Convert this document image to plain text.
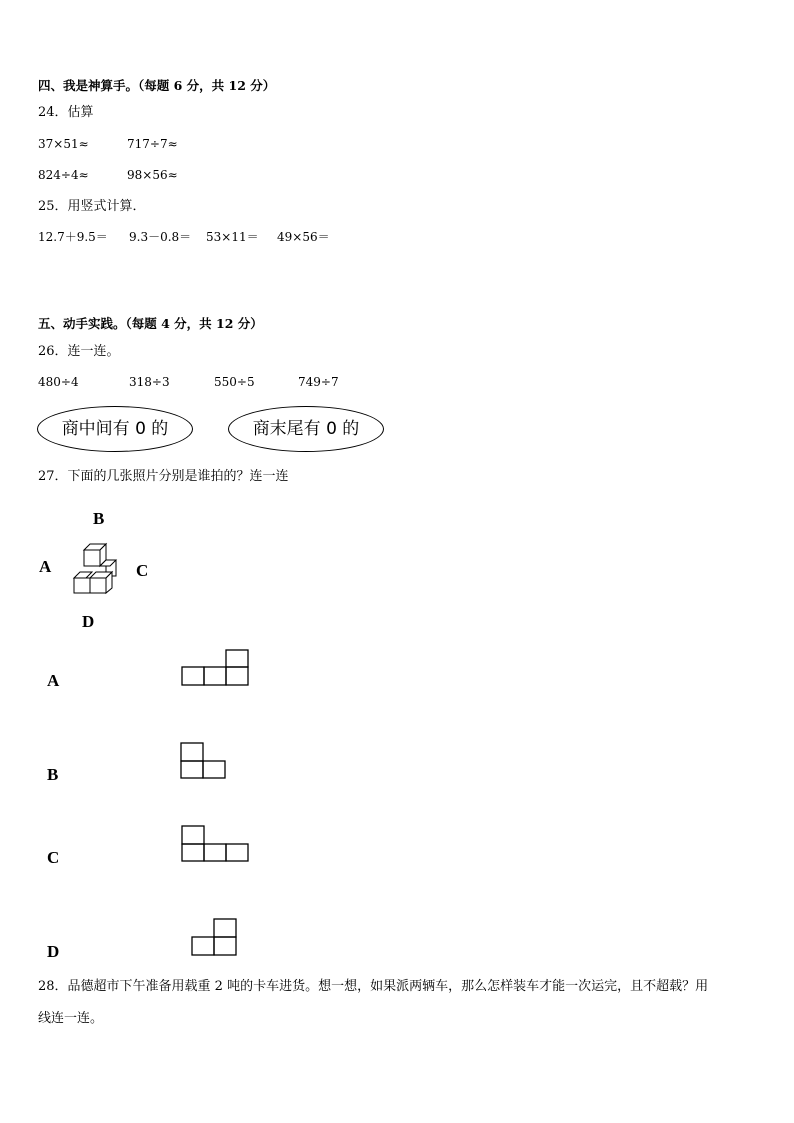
四、我是神算手。（每题 6 分，共 12 分）
24．估算
37×51≈	717÷7≈
824÷4≈	98×56≈
25．用竖式计算．
12.7＋9.5＝ 9.3－0.8＝ 53×11＝ 49×56＝
五、动手实践。（每题 4 分，共 12 分）
26．连一连。
480÷4	318÷3	550÷5	749÷7
商中间有 0 的	商末尾有 0 的
27．下面的几张照片分别是谁拍的？连一连
B
A	C
D
A
B
C
D
28．品德超市下午准备用载重 2 吨的卡车进货。想一想，如果派两辆车，那么怎样装车才能一次运完，且不超载？用
线连一连。
